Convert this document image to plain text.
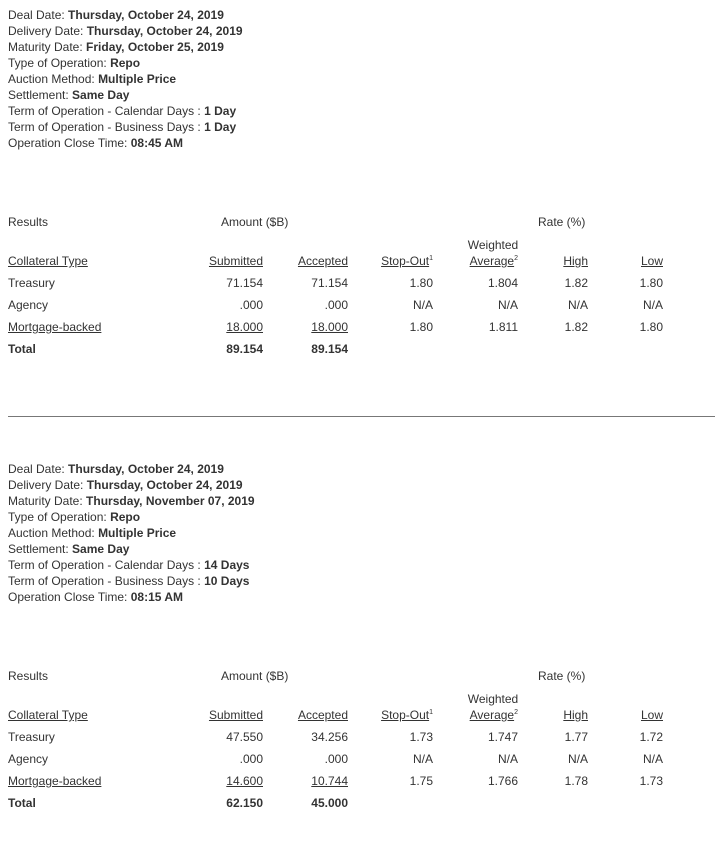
Deal Date: Thursday, October 24, 2019
Delivery Date: Thursday, October 24, 2019
Maturity Date: Friday, October 25, 2019
Type of Operation: Repo
Auction Method: Multiple Price
Settlement: Same Day
Term of Operation - Calendar Days : 1 Day
Term of Operation - Business Days : 1 Day
Operation Close Time: 08:45 AM
Results	Amount ($B)	Rate (%)
Weighted
Collateral Type	Submitted	Accepted	Stop-Out$^1$	Average$^2$	High	Low
Treasury	71.154	71.154	1.80	1.804	1.82	1.80
Agency	.000	.000	N/A	N/A	N/A	N/A
Mortgage-backed	18.000	18.000	1.80	1.811	1.82	1.80
Total	89.154	89.154
Deal Date: Thursday, October 24, 2019
Delivery Date: Thursday, October 24, 2019
Maturity Date: Thursday, November 07, 2019
Type of Operation: Repo
Auction Method: Multiple Price
Settlement: Same Day
Term of Operation - Calendar Days : 14 Days
Term of Operation - Business Days : 10 Days
Operation Close Time: 08:15 AM
Results	Amount ($B)	Rate (%)
Weighted
Collateral Type	Submitted	Accepted	Stop-Out$^1$	Average$^2$	High	Low
Treasury	47.550	34.256	1.73	1.747	1.77	1.72
Agency	.000	.000	N/A	N/A	N/A	N/A
Mortgage-backed	14.600	10.744	1.75	1.766	1.78	1.73
Total	62.150	45.000
